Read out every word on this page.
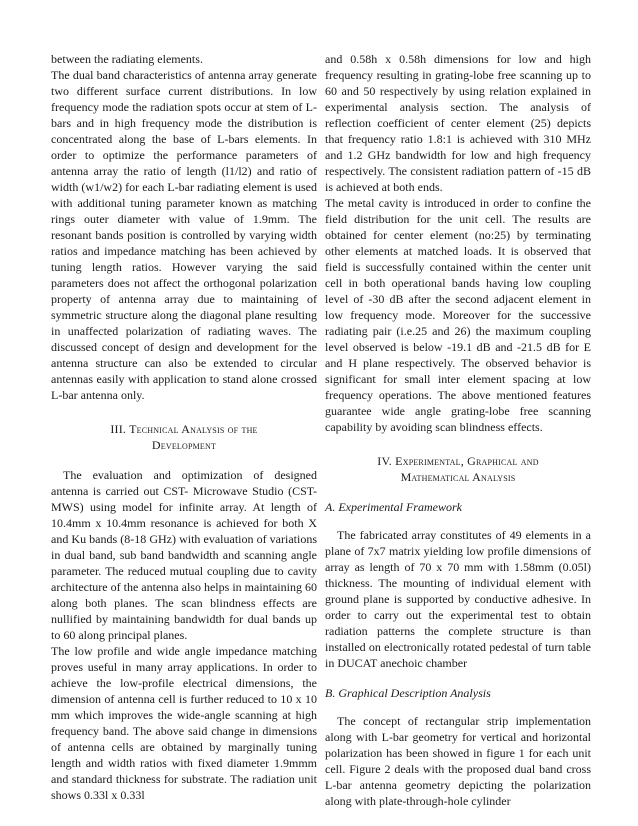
between the radiating elements.

The dual band characteristics of antenna array generate two different surface current distributions. In low frequency mode the radiation spots occur at stem of L-bars and in high frequency mode the distribution is concentrated along the base of L-bars elements. In order to optimize the performance parameters of antenna array the ratio of length (l1/l2) and ratio of width (w1/w2) for each L-bar radiating element is used with additional tuning parameter known as matching rings outer diameter with value of 1.9mm. The resonant bands position is controlled by varying width ratios and impedance matching has been achieved by tuning length ratios. However varying the said parameters does not affect the orthogonal polarization property of antenna array due to maintaining of symmetric structure along the diagonal plane resulting in unaffected polarization of radiating waves. The discussed concept of design and development for the antenna structure can also be extended to circular antennas easily with application to stand alone crossed L-bar antenna only.

III. Technical Analysis of the
Development

The evaluation and optimization of designed antenna is carried out CST- Microwave Studio (CST-MWS) using model for infinite array. At length of 10.4mm x 10.4mm resonance is achieved for both X and Ku bands (8-18 GHz) with evaluation of variations in dual band, sub band bandwidth and scanning angle parameter. The reduced mutual coupling due to cavity architecture of the antenna also helps in maintaining 60 along both planes. The scan blindness effects are nullified by maintaining bandwidth for dual bands up to 60 along principal planes.

The low profile and wide angle impedance matching proves useful in many array applications. In order to achieve the low-profile electrical dimensions, the dimension of antenna cell is further reduced to 10 x 10 mm which improves the wide-angle scanning at high frequency band. The above said change in dimensions of antenna cells are obtained by marginally tuning length and width ratios with fixed diameter 1.9mmm and standard thickness for substrate. The radiation unit shows 0.33l x 0.33l

and 0.58h x 0.58h dimensions for low and high frequency resulting in grating-lobe free scanning up to 60 and 50 respectively by using relation explained in experimental analysis section. The analysis of reflection coefficient of center element (25) depicts that frequency ratio 1.8:1 is achieved with 310 MHz and 1.2 GHz bandwidth for low and high frequency respectively. The consistent radiation pattern of -15 dB is achieved at both ends.

The metal cavity is introduced in order to confine the field distribution for the unit cell. The results are obtained for center element (no:25) by terminating other elements at matched loads. It is observed that field is successfully contained within the center unit cell in both operational bands having low coupling level of -30 dB after the second adjacent element in low frequency mode. Moreover for the successive radiating pair (i.e.25 and 26) the maximum coupling level observed is below -19.1 dB and -21.5 dB for E and H plane respectively. The observed behavior is significant for small inter element spacing at low frequency operations. The above mentioned features guarantee wide angle grating-lobe free scanning capability by avoiding scan blindness effects.

IV. Experimental, Graphical and
Mathematical Analysis

A. Experimental Framework

The fabricated array constitutes of 49 elements in a plane of 7x7 matrix yielding low profile dimensions of array as length of 70 x 70 mm with 1.58mm (0.05l) thickness. The mounting of individual element with ground plane is supported by conductive adhesive. In order to carry out the experimental test to obtain radiation patterns the complete structure is than installed on electronically rotated pedestal of turn table in DUCAT anechoic chamber

B. Graphical Description Analysis

The concept of rectangular strip implementation along with L-bar geometry for vertical and horizontal polarization has been showed in figure 1 for each unit cell. Figure 2 deals with the proposed dual band cross L-bar antenna geometry depicting the polarization along with plate-through-hole cylinder
